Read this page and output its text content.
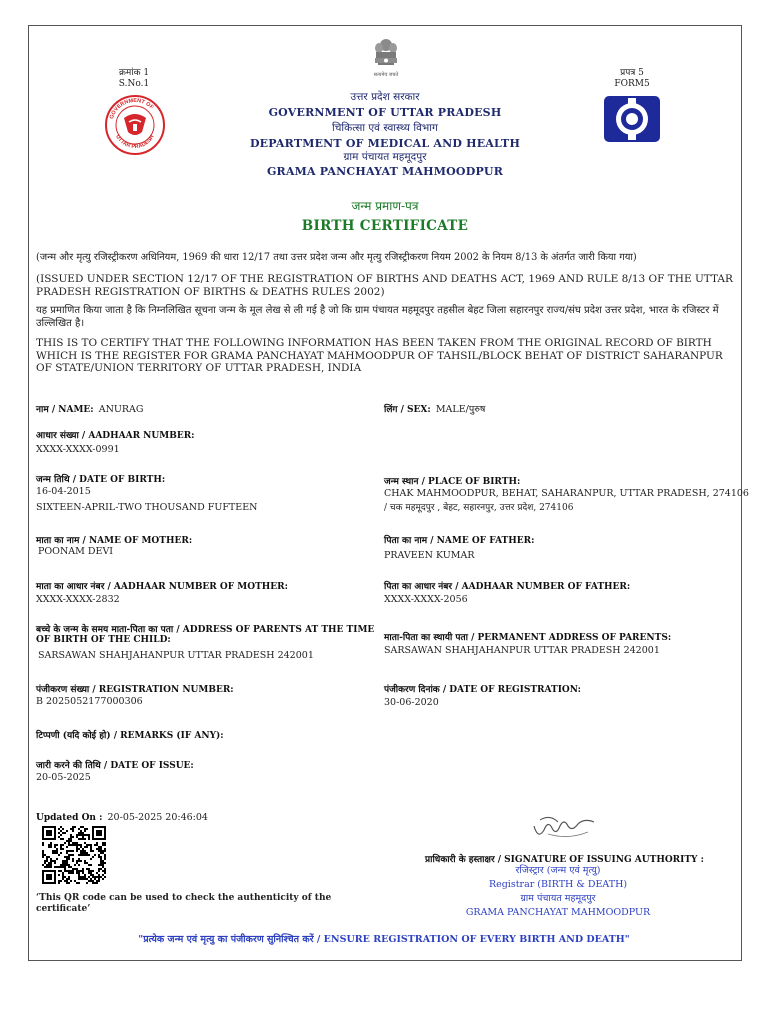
क्रमांक 1
S.No.1
प्रपत्र 5
FORM5
सत्यमेव जयते
GOVERNMENT OF
UTTAR PRADESH
उत्तर प्रदेश सरकार
GOVERNMENT OF UTTAR PRADESH
चिकित्सा एवं स्वास्थ्य विभाग
DEPARTMENT OF MEDICAL AND HEALTH
ग्राम पंचायत महमूदपुर
GRAMA PANCHAYAT MAHMOODPUR
जन्म प्रमाण-पत्र
BIRTH CERTIFICATE
(जन्म और मृत्यु रजिस्ट्रीकरण अधिनियम, 1969 की धारा 12/17 तथा उत्तर प्रदेश जन्म और मृत्यु रजिस्ट्रीकरण नियम 2002 के नियम 8/13 के अंतर्गत जारी किया गया)
(ISSUED UNDER SECTION 12/17 OF THE REGISTRATION OF BIRTHS AND DEATHS ACT, 1969 AND RULE 8/13 OF THE UTTAR PRADESH REGISTRATION OF BIRTHS & DEATHS RULES 2002)
यह प्रमाणित किया जाता है कि निम्नलिखित सूचना जन्म के मूल लेख से ली गई है जो कि ग्राम पंचायत महमूदपुर तहसील बेहट जिला सहारनपुर राज्य/संघ प्रदेश उत्तर प्रदेश, भारत के रजिस्टर में उल्लिखित है।
THIS IS TO CERTIFY THAT THE FOLLOWING INFORMATION HAS BEEN TAKEN FROM THE ORIGINAL RECORD OF BIRTH WHICH IS THE REGISTER FOR GRAMA PANCHAYAT MAHMOODPUR OF TAHSIL/BLOCK BEHAT OF DISTRICT SAHARANPUR OF STATE/UNION TERRITORY OF UTTAR PRADESH, INDIA
नाम / NAME: ANURAG	लिंग / SEX: MALE/पुरुष
आधार संख्या / AADHAAR NUMBER:
XXXX-XXXX-0991
जन्म तिथि / DATE OF BIRTH:
16-04-2015
SIXTEEN-APRIL-TWO THOUSAND FUFTEEN
जन्म स्थान / PLACE OF BIRTH:
CHAK MAHMOODPUR, BEHAT, SAHARANPUR, UTTAR PRADESH, 274106
/ चक महमूदपुर , बेहट, सहारनपुर, उत्तर प्रदेश, 274106
माता का नाम / NAME OF MOTHER:
POONAM DEVI
पिता का नाम / NAME OF FATHER:
PRAVEEN KUMAR
माता का आधार नंबर / AADHAAR NUMBER OF MOTHER:
XXXX-XXXX-2832
पिता का आधार नंबर / AADHAAR NUMBER OF FATHER:
XXXX-XXXX-2056
बच्चे के जन्म के समय माता-पिता का पता / ADDRESS OF PARENTS AT THE TIME OF BIRTH OF THE CHILD:
SARSAWAN SHAHJAHANPUR UTTAR PRADESH 242001
माता-पिता का स्थायी पता / PERMANENT ADDRESS OF PARENTS:
SARSAWAN SHAHJAHANPUR UTTAR PRADESH 242001
पंजीकरण संख्या / REGISTRATION NUMBER:
B 2025052177000306
पंजीकरण दिनांक / DATE OF REGISTRATION:
30-06-2020
टिप्पणी (यदि कोई हो) / REMARKS (IF ANY):
जारी करने की तिथि / DATE OF ISSUE:
20-05-2025
Updated On : 20-05-2025 20:46:04
‘This QR code can be used to check the authenticity of the certificate’
प्राधिकारी के हस्ताक्षर / SIGNATURE OF ISSUING AUTHORITY :
रजिस्ट्रार (जन्म एवं मृत्यु)
Registrar (BIRTH & DEATH)
ग्राम पंचायत महमूदपुर
GRAMA PANCHAYAT MAHMOODPUR
"प्रत्येक जन्म एवं मृत्यु का पंजीकरण सुनिश्चित करें / ENSURE REGISTRATION OF EVERY BIRTH AND DEATH"
